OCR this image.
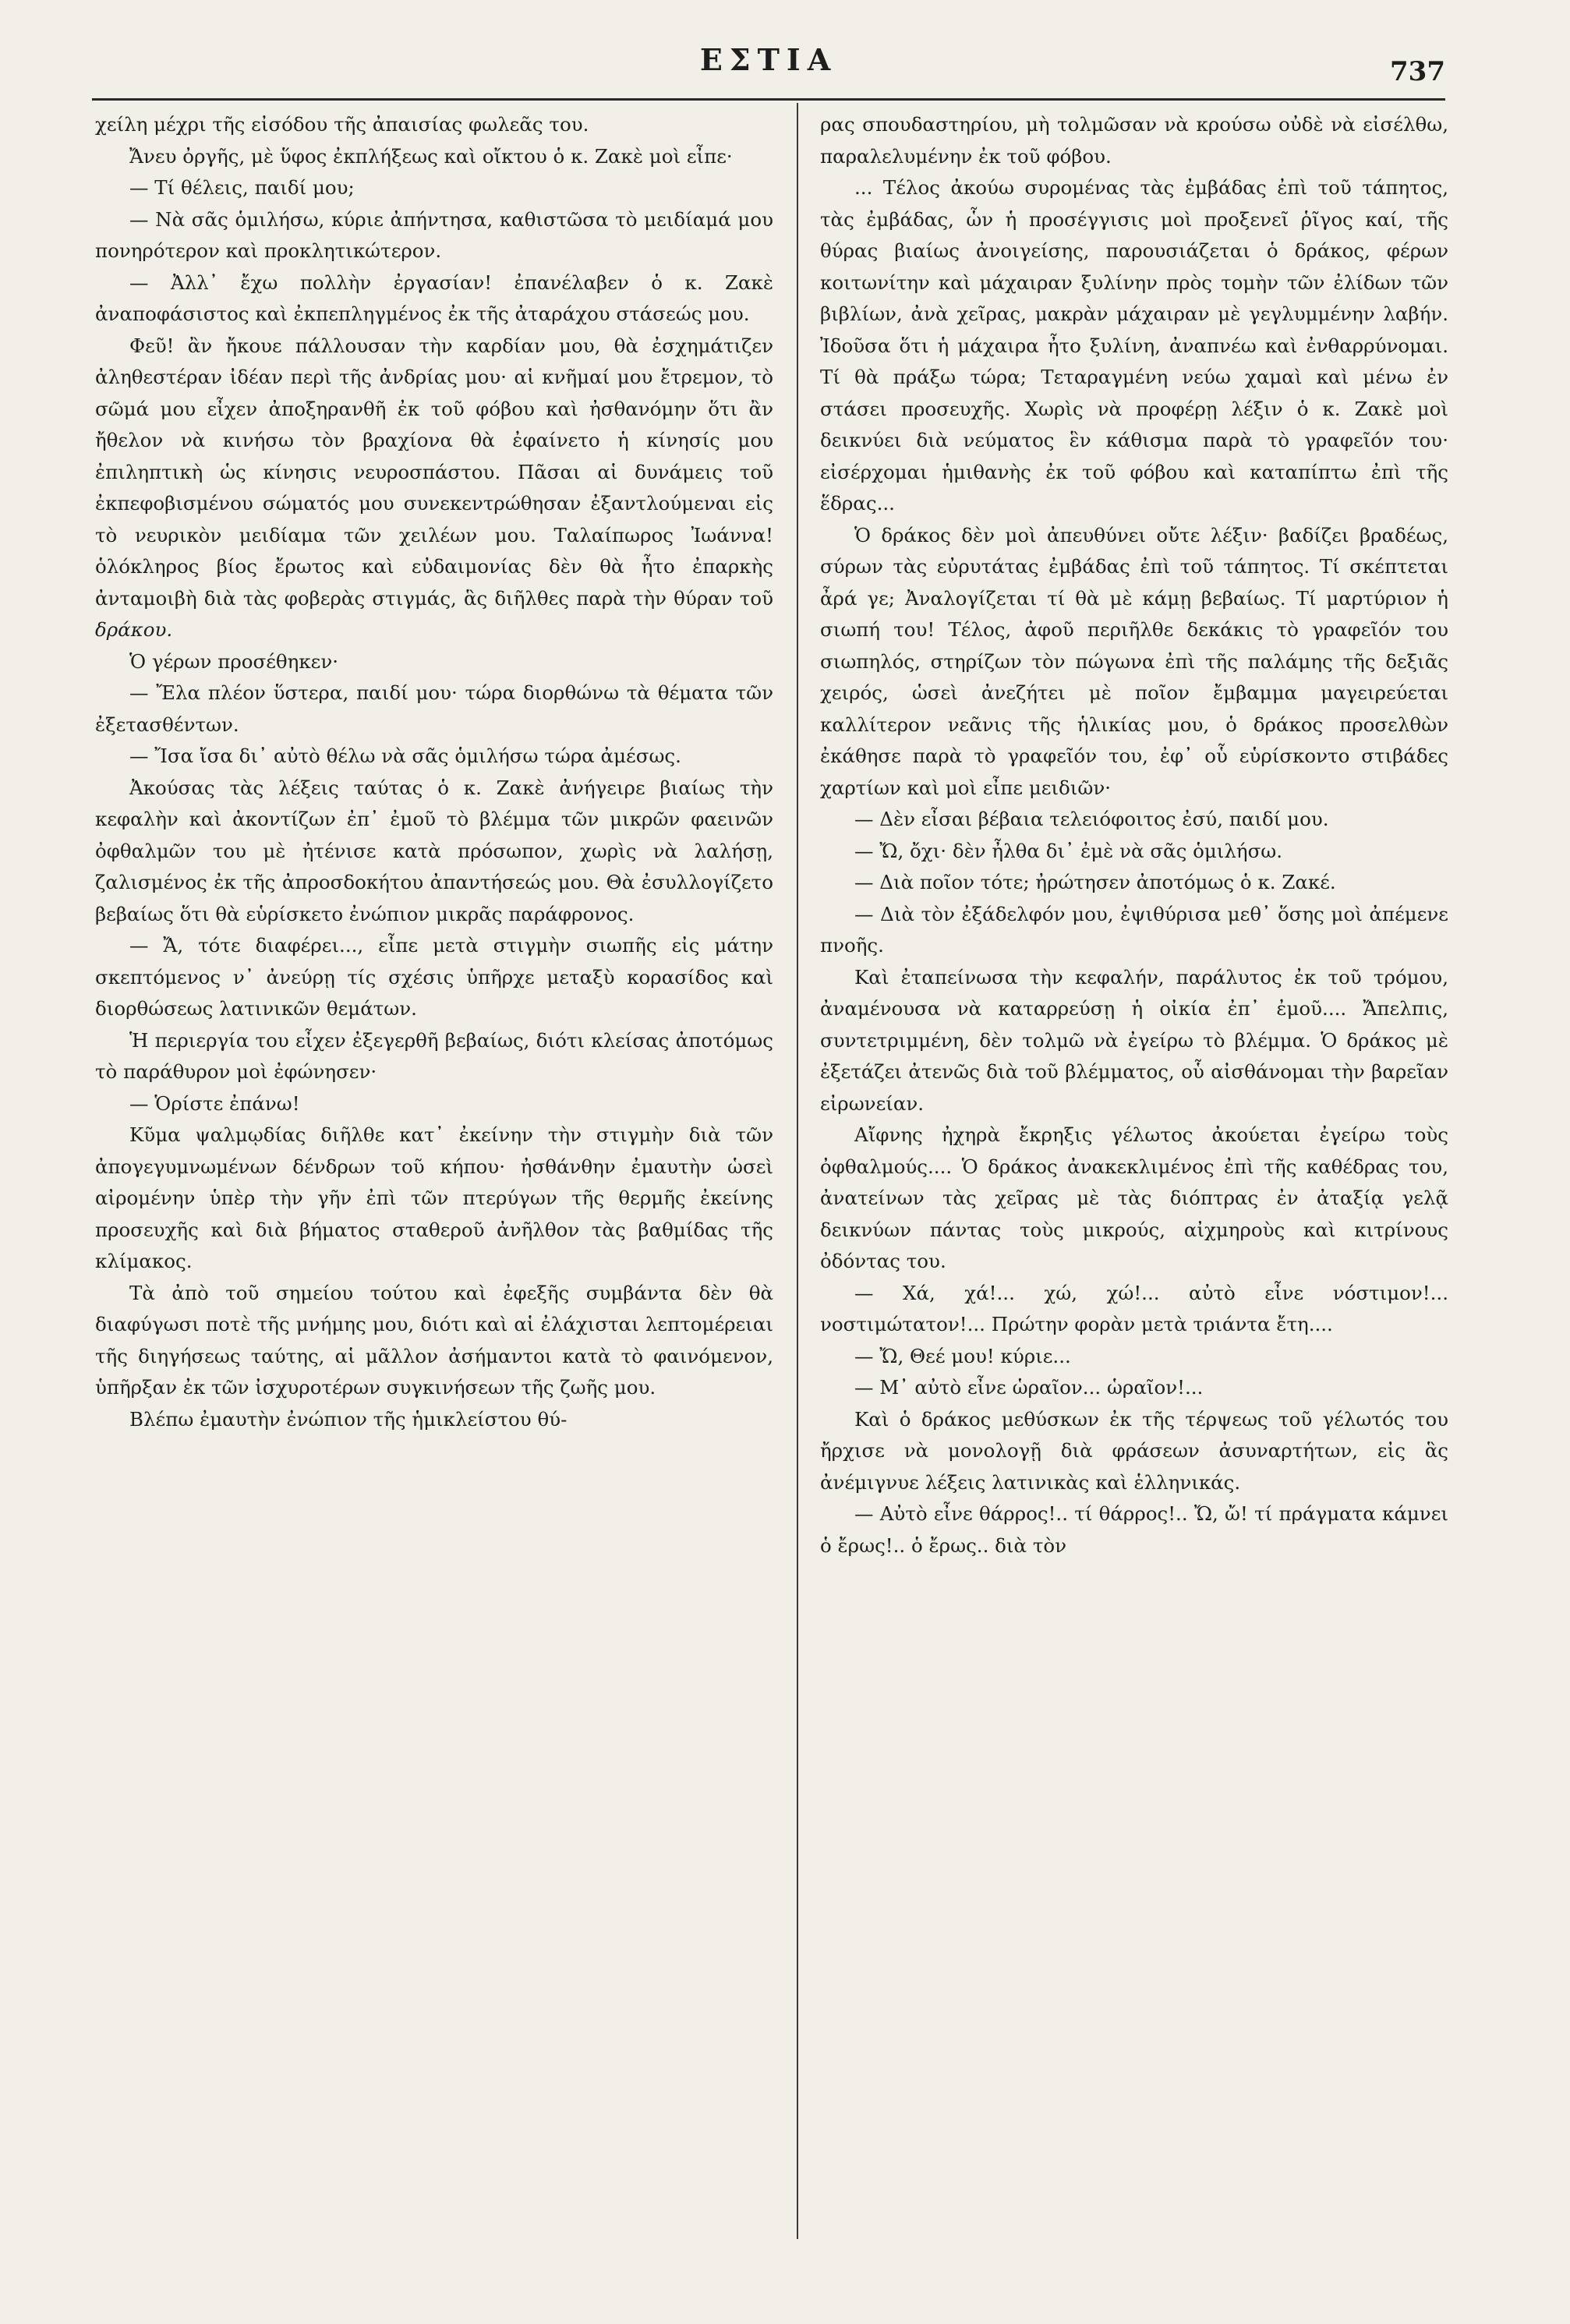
ΕΣΤΙΑ	737

χείλη μέχρι τῆς εἰσόδου τῆς ἀπαισίας φωλεᾶς του.

Ἄνευ ὀργῆς, μὲ ὕφος ἐκπλήξεως καὶ οἴκτου ὁ κ. Ζακὲ μοὶ εἶπε·

— Τί θέλεις, παιδί μου;

— Νὰ σᾶς ὁμιλήσω, κύριε ἀπήντησα, καθιστῶσα τὸ μειδίαμά μου πονηρότερον καὶ προκλητικώτερον.

— Ἀλλ᾽ ἔχω πολλὴν ἐργασίαν! ἐπανέλαβεν ὁ κ. Ζακὲ ἀναποφάσιστος καὶ ἐκπεπληγμένος ἐκ τῆς ἀταράχου στάσεώς μου.

Φεῦ! ἂν ἤκουε πάλλουσαν τὴν καρδίαν μου, θὰ ἐσχημάτιζεν ἀληθεστέραν ἰδέαν περὶ τῆς ἀνδρίας μου· αἱ κνῆμαί μου ἔτρεμον, τὸ σῶμά μου εἶχεν ἀποξηρανθῆ ἐκ τοῦ φόβου καὶ ἠσθανόμην ὅτι ἂν ἤθελον νὰ κινήσω τὸν βραχίονα θὰ ἐφαίνετο ἡ κίνησίς μου ἐπιληπτικὴ ὡς κίνησις νευροσπάστου. Πᾶσαι αἱ δυνάμεις τοῦ ἐκπεφοβισμένου σώματός μου συνεκεντρώθησαν ἐξαντλούμεναι εἰς τὸ νευρικὸν μειδίαμα τῶν χειλέων μου. Ταλαίπωρος Ἰωάννα! ὁλόκληρος βίος ἔρωτος καὶ εὐδαιμονίας δὲν θὰ ἦτο ἐπαρκὴς ἀνταμοιβὴ διὰ τὰς φοβερὰς στιγμάς, ἃς διῆλθες παρὰ τὴν θύραν τοῦ δράκου.

Ὁ γέρων προσέθηκεν·

— Ἔλα πλέον ὕστερα, παιδί μου· τώρα διορθώνω τὰ θέματα τῶν ἐξετασθέντων.

— Ἴσα ἴσα δι᾽ αὐτὸ θέλω νὰ σᾶς ὁμιλήσω τώρα ἀμέσως.

Ἀκούσας τὰς λέξεις ταύτας ὁ κ. Ζακὲ ἀνήγειρε βιαίως τὴν κεφαλὴν καὶ ἀκοντίζων ἐπ᾽ ἐμοῦ τὸ βλέμμα τῶν μικρῶν φαεινῶν ὀφθαλμῶν του μὲ ἠτένισε κατὰ πρόσωπον, χωρὶς νὰ λαλήσῃ, ζαλισμένος ἐκ τῆς ἀπροσδοκήτου ἀπαντήσεώς μου. Θὰ ἐσυλλογίζετο βεβαίως ὅτι θὰ εὑρίσκετο ἐνώπιον μικρᾶς παράφρονος.

— Ἄ, τότε διαφέρει..., εἶπε μετὰ στιγμὴν σιωπῆς εἰς μάτην σκεπτόμενος ν᾽ ἀνεύρῃ τίς σχέσις ὑπῆρχε μεταξὺ κορασίδος καὶ διορθώσεως λατινικῶν θεμάτων.

Ἡ περιεργία του εἶχεν ἐξεγερθῆ βεβαίως, διότι κλείσας ἀποτόμως τὸ παράθυρον μοὶ ἐφώνησεν·

— Ὁρίστε ἐπάνω!

Κῦμα ψαλμῳδίας διῆλθε κατ᾽ ἐκείνην τὴν στιγμὴν διὰ τῶν ἀπογεγυμνωμένων δένδρων τοῦ κήπου· ἠσθάνθην ἐμαυτὴν ὡσεὶ αἰρομένην ὑπὲρ τὴν γῆν ἐπὶ τῶν πτερύγων τῆς θερμῆς ἐκείνης προσευχῆς καὶ διὰ βήματος σταθεροῦ ἀνῆλθον τὰς βαθμίδας τῆς κλίμακος.

Τὰ ἀπὸ τοῦ σημείου τούτου καὶ ἐφεξῆς συμβάντα δὲν θὰ διαφύγωσι ποτὲ τῆς μνήμης μου, διότι καὶ αἱ ἐλάχισται λεπτομέρειαι τῆς διηγήσεως ταύτης, αἱ μᾶλλον ἀσήμαντοι κατὰ τὸ φαινόμενον, ὑπῆρξαν ἐκ τῶν ἰσχυροτέρων συγκινήσεων τῆς ζωῆς μου.

Βλέπω ἐμαυτὴν ἐνώπιον τῆς ἡμικλείστου θύ-

ρας σπουδαστηρίου, μὴ τολμῶσαν νὰ κρούσω οὐδὲ νὰ εἰσέλθω, παραλελυμένην ἐκ τοῦ φόβου.

... Τέλος ἀκούω συρομένας τὰς ἐμβάδας ἐπὶ τοῦ τάπητος, τὰς ἐμβάδας, ὧν ἡ προσέγγισις μοὶ προξενεῖ ῥῖγος καί, τῆς θύρας βιαίως ἀνοιγείσης, παρουσιάζεται ὁ δράκος, φέρων κοιτωνίτην καὶ μάχαιραν ξυλίνην πρὸς τομὴν τῶν ἐλίδων τῶν βιβλίων, ἀνὰ χεῖρας, μακρὰν μάχαιραν μὲ γεγλυμμένην λαβήν. Ἰδοῦσα ὅτι ἡ μάχαιρα ἦτο ξυλίνη, ἀναπνέω καὶ ἐνθαρρύνομαι. Τί θὰ πράξω τώρα; Τεταραγμένη νεύω χαμαὶ καὶ μένω ἐν στάσει προσευχῆς. Χωρὶς νὰ προφέρῃ λέξιν ὁ κ. Ζακὲ μοὶ δεικνύει διὰ νεύματος ἓν κάθισμα παρὰ τὸ γραφεῖόν του· εἰσέρχομαι ἡμιθανὴς ἐκ τοῦ φόβου καὶ καταπίπτω ἐπὶ τῆς ἕδρας...

Ὁ δράκος δὲν μοὶ ἀπευθύνει οὔτε λέξιν· βαδίζει βραδέως, σύρων τὰς εὐρυτάτας ἐμβάδας ἐπὶ τοῦ τάπητος. Τί σκέπτεται ἆρά γε; Ἀναλογίζεται τί θὰ μὲ κάμῃ βεβαίως. Τί μαρτύριον ἡ σιωπή του! Τέλος, ἀφοῦ περιῆλθε δεκάκις τὸ γραφεῖόν του σιωπηλός, στηρίζων τὸν πώγωνα ἐπὶ τῆς παλάμης τῆς δεξιᾶς χειρός, ὡσεὶ ἀνεζήτει μὲ ποῖον ἔμβαμμα μαγειρεύεται καλλίτερον νεᾶνις τῆς ἡλικίας μου, ὁ δράκος προσελθὼν ἐκάθησε παρὰ τὸ γραφεῖόν του, ἐφ᾽ οὗ εὑρίσκοντο στιβάδες χαρτίων καὶ μοὶ εἶπε μειδιῶν·

— Δὲν εἶσαι βέβαια τελειόφοιτος ἐσύ, παιδί μου.

— Ὤ, ὄχι· δὲν ἦλθα δι᾽ ἐμὲ νὰ σᾶς ὁμιλήσω.

— Διὰ ποῖον τότε; ἠρώτησεν ἀποτόμως ὁ κ. Ζακέ.

— Διὰ τὸν ἐξάδελφόν μου, ἐψιθύρισα μεθ᾽ ὅσης μοὶ ἀπέμενε πνοῆς.

Καὶ ἐταπείνωσα τὴν κεφαλήν, παράλυτος ἐκ τοῦ τρόμου, ἀναμένουσα νὰ καταρρεύσῃ ἡ οἰκία ἐπ᾽ ἐμοῦ.... Ἄπελπις, συντετριμμένη, δὲν τολμῶ νὰ ἐγείρω τὸ βλέμμα. Ὁ δράκος μὲ ἐξετάζει ἀτενῶς διὰ τοῦ βλέμματος, οὗ αἰσθάνομαι τὴν βαρεῖαν εἰρωνείαν.

Αἴφνης ἠχηρὰ ἔκρηξις γέλωτος ἀκούεται ἐγείρω τοὺς ὀφθαλμούς.... Ὁ δράκος ἀνακεκλιμένος ἐπὶ τῆς καθέδρας του, ἀνατείνων τὰς χεῖρας μὲ τὰς διόπτρας ἐν ἀταξίᾳ γελᾷ δεικνύων πάντας τοὺς μικρούς, αἰχμηροὺς καὶ κιτρίνους ὀδόντας του.

— Χά, χά!... χώ, χώ!... αὐτὸ εἶνε νόστιμον!... νοστιμώτατον!... Πρώτην φορὰν μετὰ τριάντα ἔτη....

— Ὤ, Θεέ μου! κύριε...

— Μ᾽ αὐτὸ εἶνε ὡραῖον... ὡραῖον!...

Καὶ ὁ δράκος μεθύσκων ἐκ τῆς τέρψεως τοῦ γέλωτός του ἤρχισε νὰ μονολογῇ διὰ φράσεων ἀσυναρτήτων, εἰς ἃς ἀνέμιγνυε λέξεις λατινικὰς καὶ ἑλληνικάς.

— Αὐτὸ εἶνε θάρρος!.. τί θάρρος!.. Ὤ, ὤ! τί πράγματα κάμνει ὁ ἔρως!.. ὁ ἔρως.. διὰ τὸν
